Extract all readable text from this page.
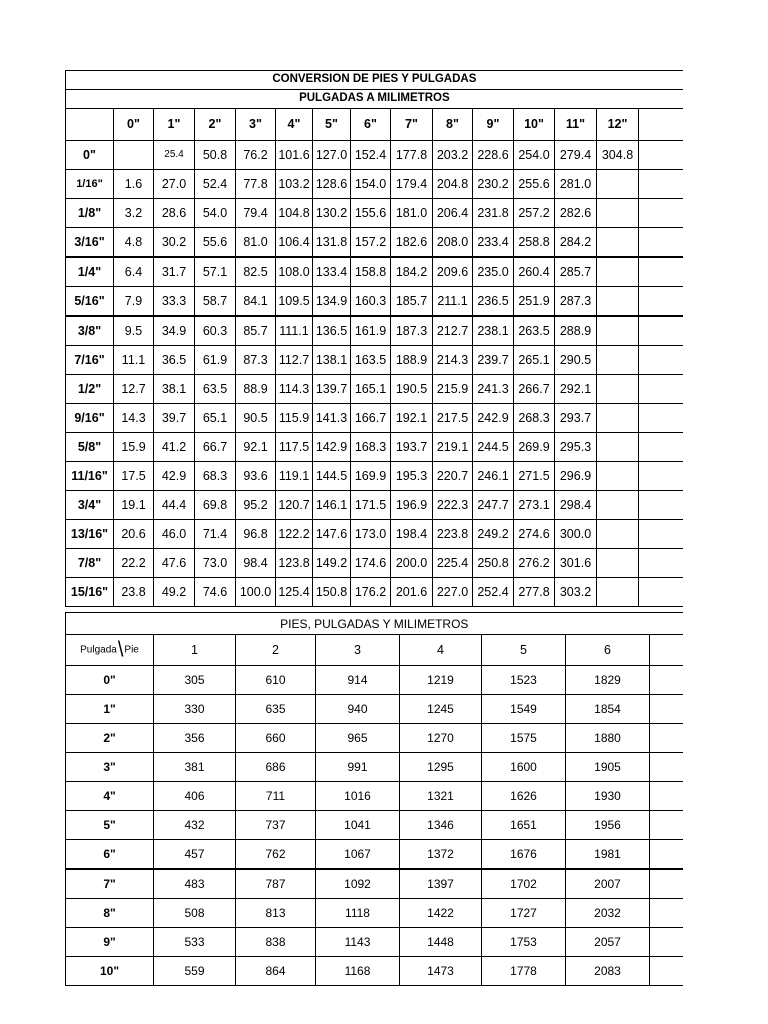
CONVERSION DE PIES Y PULGADAS														
PULGADAS A MILIMETROS														
	0"	1"	2"	3"	4"	5"	6"	7"	8"	9"	10"	11"	12"	
0"		25.4	50.8	76.2	101.6	127.0	152.4	177.8	203.2	228.6	254.0	279.4	304.8	
1/16"	1.6	27.0	52.4	77.8	103.2	128.6	154.0	179.4	204.8	230.2	255.6	281.0		
1/8"	3.2	28.6	54.0	79.4	104.8	130.2	155.6	181.0	206.4	231.8	257.2	282.6		
3/16"	4.8	30.2	55.6	81.0	106.4	131.8	157.2	182.6	208.0	233.4	258.8	284.2		
1/4"	6.4	31.7	57.1	82.5	108.0	133.4	158.8	184.2	209.6	235.0	260.4	285.7		
5/16"	7.9	33.3	58.7	84.1	109.5	134.9	160.3	185.7	211.1	236.5	251.9	287.3		
3/8"	9.5	34.9	60.3	85.7	111.1	136.5	161.9	187.3	212.7	238.1	263.5	288.9		
7/16"	11.1	36.5	61.9	87.3	112.7	138.1	163.5	188.9	214.3	239.7	265.1	290.5		
1/2"	12.7	38.1	63.5	88.9	114.3	139.7	165.1	190.5	215.9	241.3	266.7	292.1		
9/16"	14.3	39.7	65.1	90.5	115.9	141.3	166.7	192.1	217.5	242.9	268.3	293.7		
5/8"	15.9	41.2	66.7	92.1	117.5	142.9	168.3	193.7	219.1	244.5	269.9	295.3		
11/16"	17.5	42.9	68.3	93.6	119.1	144.5	169.9	195.3	220.7	246.1	271.5	296.9		
3/4"	19.1	44.4	69.8	95.2	120.7	146.1	171.5	196.9	222.3	247.7	273.1	298.4		
13/16"	20.6	46.0	71.4	96.8	122.2	147.6	173.0	198.4	223.8	249.2	274.6	300.0		
7/8"	22.2	47.6	73.0	98.4	123.8	149.2	174.6	200.0	225.4	250.8	276.2	301.6		
15/16"	23.8	49.2	74.6	100.0	125.4	150.8	176.2	201.6	227.0	252.4	277.8	303.2		
PIES, PULGADAS Y MILIMETROS							
Pulgada\Pie	1	2	3	4	5	6	
0"	305	610	914	1219	1523	1829	
1"	330	635	940	1245	1549	1854	
2"	356	660	965	1270	1575	1880	
3"	381	686	991	1295	1600	1905	
4"	406	711	1016	1321	1626	1930	
5"	432	737	1041	1346	1651	1956	
6"	457	762	1067	1372	1676	1981	
7"	483	787	1092	1397	1702	2007	
8"	508	813	1118	1422	1727	2032	
9"	533	838	1143	1448	1753	2057	
10"	559	864	1168	1473	1778	2083	
